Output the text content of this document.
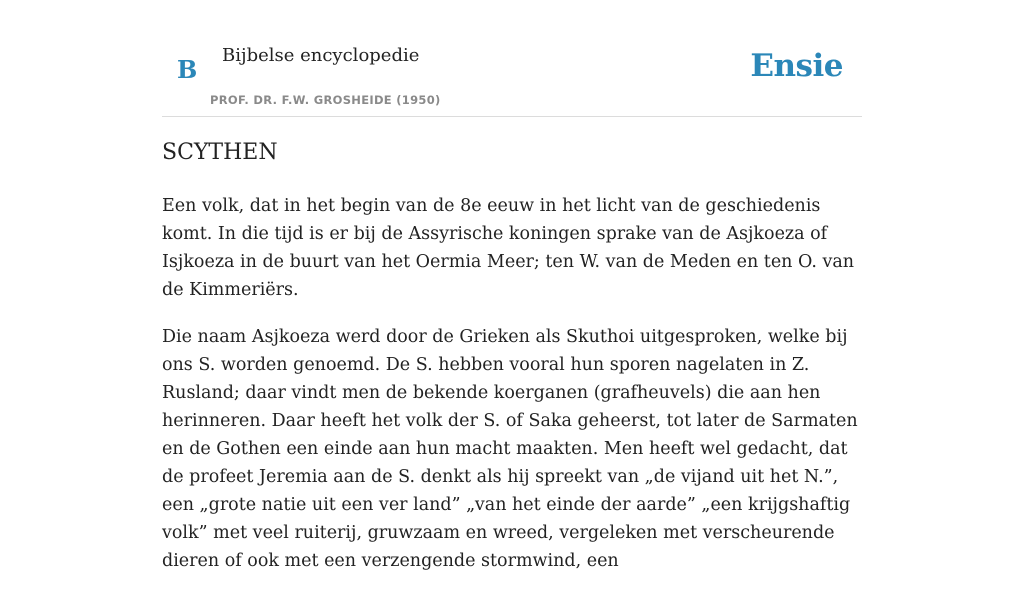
B Bijbelse encyclopedie
PROF. DR. F.W. GROSHEIDE (1950)
Ensie
SCYTHEN

Een volk, dat in het begin van de 8e eeuw in het licht van de geschiedenis komt. In die tijd is er bij de Assyrische koningen sprake van de Asjkoeza of Isjkoeza in de buurt van het Oermia Meer; ten W. van de Meden en ten O. van de Kimmeriërs.

Die naam Asjkoeza werd door de Grieken als Skuthoi uitgesproken, welke bij ons S. worden genoemd. De S. hebben vooral hun sporen nagelaten in Z. Rusland; daar vindt men de bekende koerganen (grafheuvels) die aan hen herinneren. Daar heeft het volk der S. of Saka geheerst, tot later de Sarmaten en de Gothen een einde aan hun macht maakten. Men heeft wel gedacht, dat de profeet Jeremia aan de S. denkt als hij spreekt van „de vijand uit het N.”, een „grote natie uit een ver land” „van het einde der aarde” „een krijgshaftig volk” met veel ruiterij, gruwzaam en wreed, vergeleken met verscheurende dieren of ook met een verzengende stormwind, een
